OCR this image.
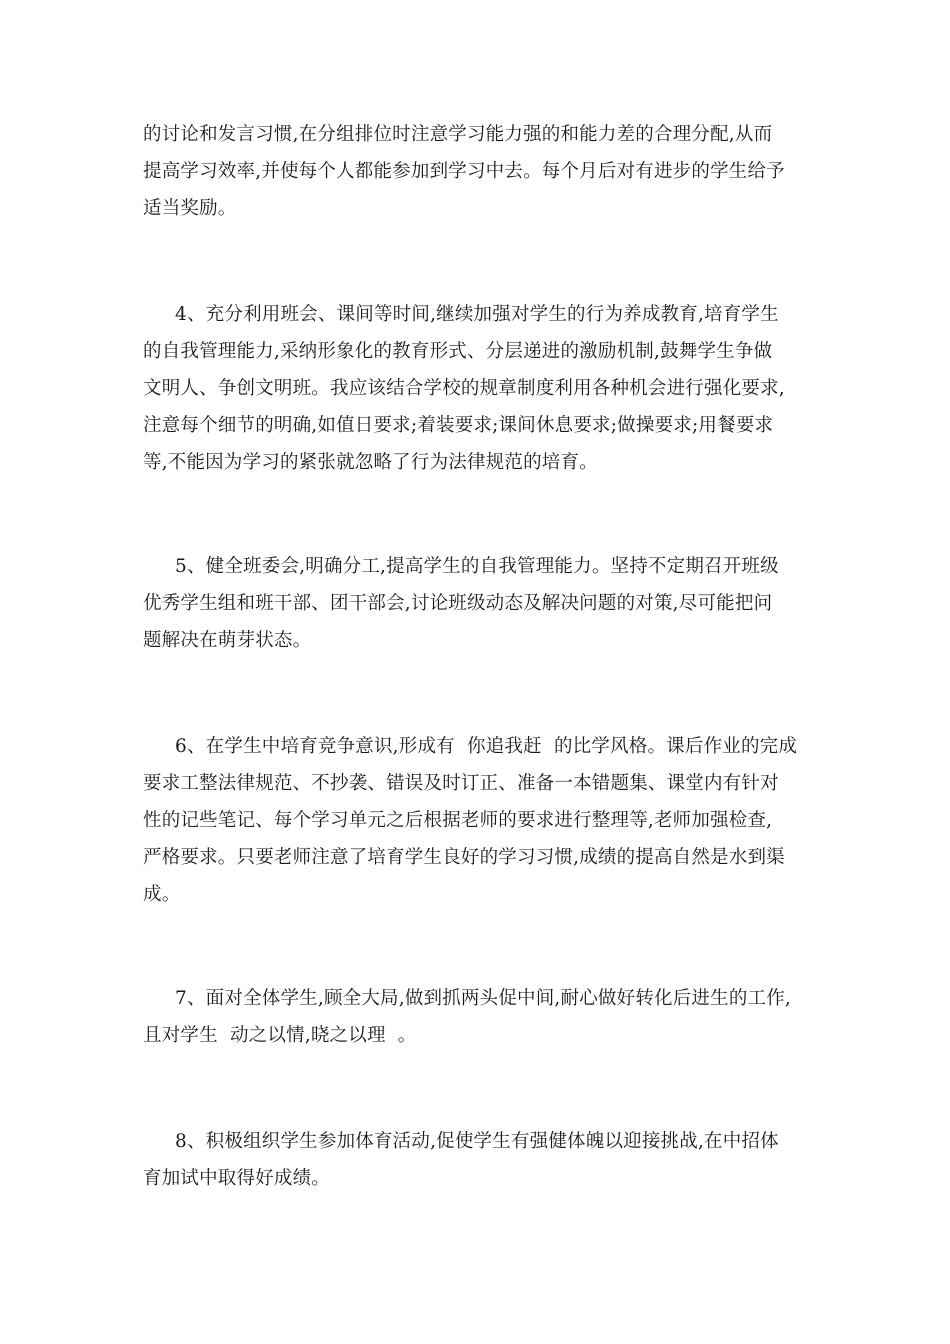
的讨论和发言习惯,在分组排位时注意学习能力强的和能力差的合理分配,从而
提高学习效率,并使每个人都能参加到学习中去。每个月后对有进步的学生给予
适当奖励。
4、充分利用班会、课间等时间,继续加强对学生的行为养成教育,培育学生
的自我管理能力,采纳形象化的教育形式、分层递进的激励机制,鼓舞学生争做
文明人、争创文明班。我应该结合学校的规章制度利用各种机会进行强化要求,
注意每个细节的明确,如值日要求;着装要求;课间休息要求;做操要求;用餐要求
等,不能因为学习的紧张就忽略了行为法律规范的培育。
5、健全班委会,明确分工,提高学生的自我管理能力。坚持不定期召开班级
优秀学生组和班干部、团干部会,讨论班级动态及解决问题的对策,尽可能把问
题解决在萌芽状态。
6、在学生中培育竞争意识,形成有  你追我赶  的比学风格。课后作业的完成
要求工整法律规范、不抄袭、错误及时订正、准备一本错题集、课堂内有针对
性的记些笔记、每个学习单元之后根据老师的要求进行整理等,老师加强检查,
严格要求。只要老师注意了培育学生良好的学习习惯,成绩的提高自然是水到渠
成。
7、面对全体学生,顾全大局,做到抓两头促中间,耐心做好转化后进生的工作,
且对学生  动之以情,晓之以理  。
8、积极组织学生参加体育活动,促使学生有强健体魄以迎接挑战,在中招体
育加试中取得好成绩。
